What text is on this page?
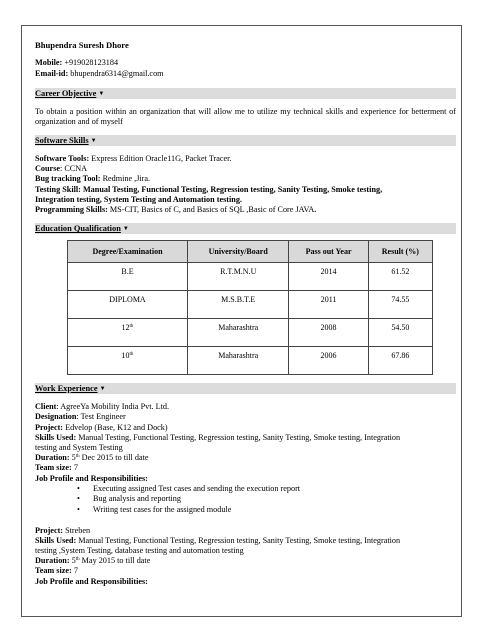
Bhupendra Suresh Dhore
Mobile: +919028123184
Email-id: bhupendra6314@gmail.com
Career Objective ▼
To obtain a position within an organization that will allow me to utilize my technical skills and experience for betterment of organization and of myself
Software Skills ▼
Software Tools: Express Edition Oracle11G, Packet Tracer.
Course: CCNA
Bug tracking Tool: Redmine ,Jira.
Testing Skill: Manual Testing, Functional Testing, Regression testing, Sanity Testing, Smoke testing,
Integration testing, System Testing and Automation testing.
Programming Skills: MS-CIT, Basics of C, and Basics of SQL ,Basic of Core JAVA.
Education Qualification ▼
Degree/Examination	University/Board	Pass out Year	Result (%)
B.E	R.T.M.N.U	2014	61.52
DIPLOMA	M.S.B.T.E	2011	74.55
12th	Maharashtra	2008	54.50
10th	Maharashtra	2006	67.86
Work Experience ▼
Client: AgreeYa Mobility India Pvt. Ltd.
Designation: Test Engineer
Project: Edvelop (Base, K12 and Dock)
Skills Used: Manual Testing, Functional Testing, Regression testing, Sanity Testing, Smoke testing, Integration
testing and System Testing
Duration: 5th Dec 2015 to till date
Team size: 7
Job Profile and Responsibilities:
• Executing assigned Test cases and sending the execution report
• Bug analysis and reporting
• Writing test cases for the assigned module
Project: Streben
Skills Used: Manual Testing, Functional Testing, Regression testing, Sanity Testing, Smoke testing, Integration
testing ,System Testing, database testing and automation testing
Duration: 5th May 2015 to till date
Team size: 7
Job Profile and Responsibilities:
